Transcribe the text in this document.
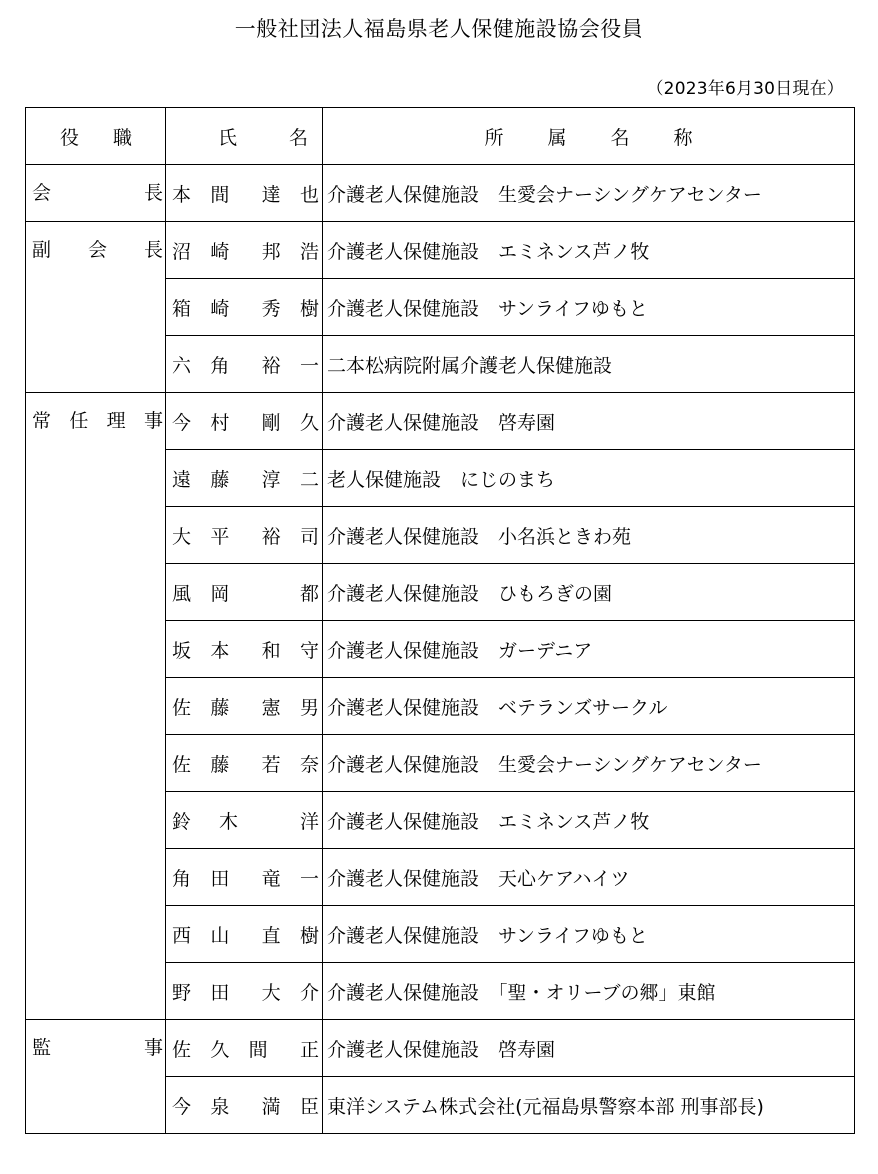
一般社団法人福島県老人保健施設協会役員
（2023年6月30日現在）
役職	氏名	所属名称

会　長	本 間　達 也	介護老人保健施設　生愛会ナーシングケアセンター

副 会 長	沼 崎　邦 浩	介護老人保健施設　エミネンス芦ノ牧

	箱 崎　秀 樹	介護老人保健施設　サンライフゆもと

	六 角　裕 一	二本松病院附属介護老人保健施設

常任理事	今 村　剛 久	介護老人保健施設　啓寿園

	遠 藤　淳 二	老人保健施設　にじのまち

	大 平　裕 司	介護老人保健施設　小名浜ときわ苑

	風 岡　　 都	介護老人保健施設　ひもろぎの園

	坂 本　和 守	介護老人保健施設　ガーデニア

	佐 藤　憲 男	介護老人保健施設　ベテランズサークル

	佐 藤　若 奈	介護老人保健施設　生愛会ナーシングケアセンター

	鈴　木　　 洋	介護老人保健施設　エミネンス芦ノ牧

	角 田　竜 一	介護老人保健施設　天心ケアハイツ

	西 山　直 樹	介護老人保健施設　サンライフゆもと

	野 田　大 介	介護老人保健施設　「聖・オリーブの郷」東館

監　事	佐 久 間　正	介護老人保健施設　啓寿園

	今 泉　満 臣	東洋システム株式会社(元福島県警察本部 刑事部長)
